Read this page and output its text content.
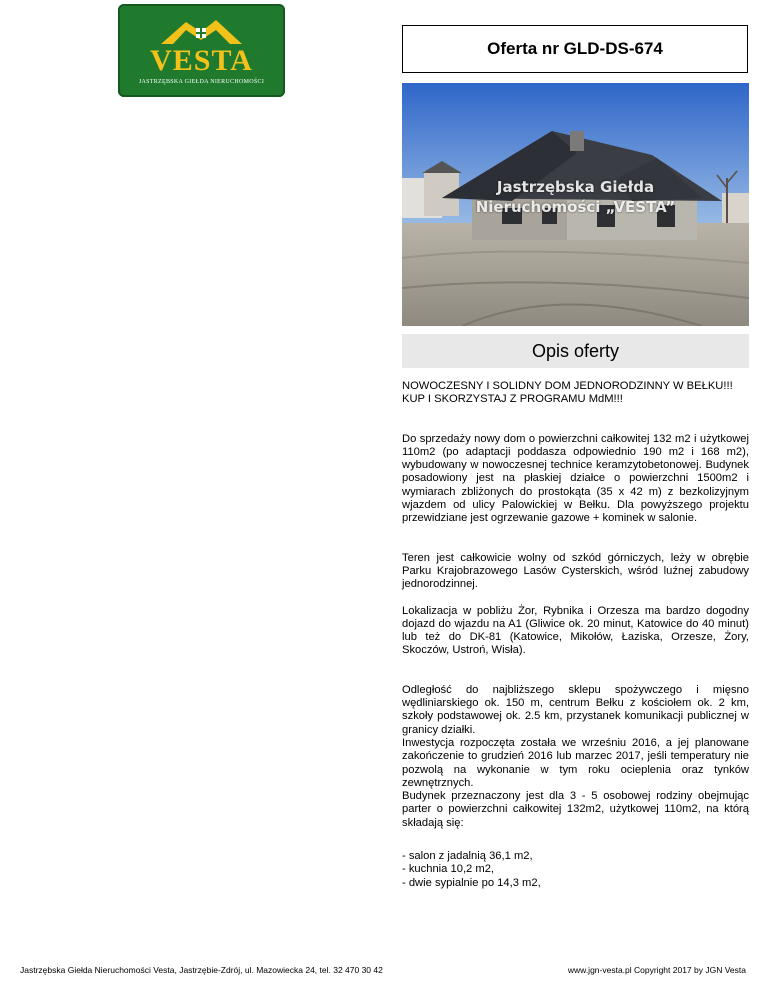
VESTA
JASTRZĘBSKA GIEŁDA NIERUCHOMOŚCI
Oferta nr GLD-DS-674
Jastrzębska Giełda
Nieruchomości „VESTA”
Opis oferty

NOWOCZESNY I SOLIDNY DOM JEDNORODZINNY W BEŁKU!!!

KUP I SKORZYSTAJ Z PROGRAMU MdM!!!

Do sprzedaży nowy dom o powierzchni całkowitej 132 m2 i użytkowej 110m2 (po adaptacji poddasza odpowiednio 190 m2 i 168 m2), wybudowany w nowoczesnej technice keramzytobetonowej. Budynek posadowiony jest na płaskiej działce o powierzchni 1500m2 i wymiarach zbliżonych do prostokąta (35 x 42 m) z bezkolizyjnym wjazdem od ulicy Palowickiej w Bełku. Dla powyższego projektu przewidziane jest ogrzewanie gazowe + kominek w salonie.

Teren jest całkowicie wolny od szkód górniczych, leży w obrębie Parku Krajobrazowego Lasów Cysterskich, wśród luźnej zabudowy jednorodzinnej.

Lokalizacja w pobliżu Żor, Rybnika i Orzesza ma bardzo dogodny dojazd do wjazdu na A1 (Gliwice ok. 20 minut, Katowice do 40 minut) lub też do DK-81 (Katowice, Mikołów, Łaziska, Orzesze, Żory, Skoczów, Ustroń, Wisła).

Odległość do najbliższego sklepu spożywczego i mięsno wędliniarskiego ok. 150 m, centrum Bełku z kościołem ok. 2 km, szkoły podstawowej ok. 2.5 km, przystanek komunikacji publicznej w granicy działki.

Inwestycja rozpoczęta została we wrześniu 2016, a jej planowane zakończenie to grudzień 2016 lub marzec 2017, jeśli temperatury nie pozwolą na wykonanie w tym roku ocieplenia oraz tynków zewnętrznych.

Budynek przeznaczony jest dla 3 - 5 osobowej rodziny obejmując parter o powierzchni całkowitej 132m2, użytkowej 110m2, na którą składają się:

- salon z jadalnią 36,1 m2,

- kuchnia 10,2 m2,

- dwie sypialnie po 14,3 m2,

Jastrzębska Giełda Nieruchomości Vesta, Jastrzębie-Zdrój, ul. Mazowiecka 24, tel. 32 470 30 42	www.jgn-vesta.pl Copyright 2017 by JGN Vesta
